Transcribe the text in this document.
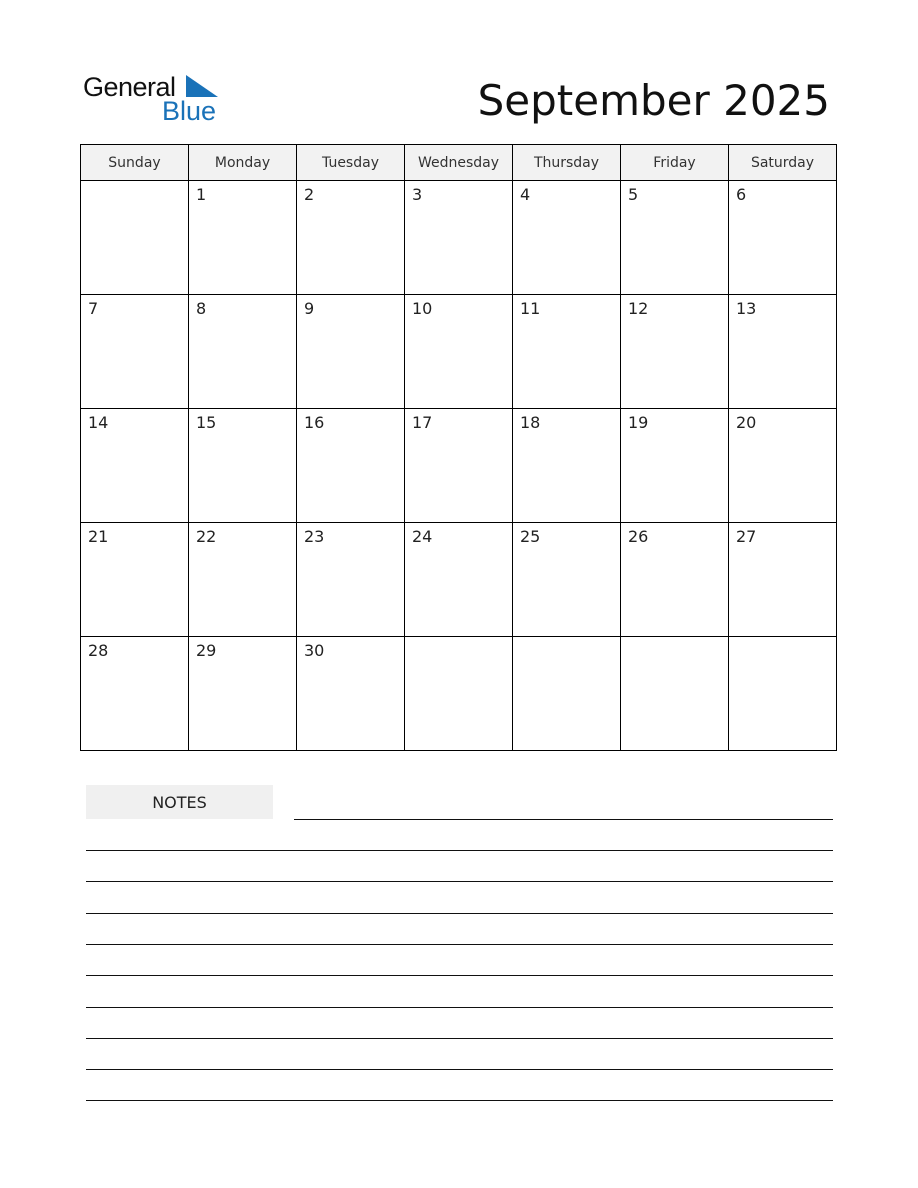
General
Blue	September 2025
Sunday	Monday	Tuesday	Wednesday	Thursday	Friday	Saturday

	1	2	3	4	5	6

7	8	9	10	11	12	13

14	15	16	17	18	19	20

21	22	23	24	25	26	27

28	29	30				

NOTES
